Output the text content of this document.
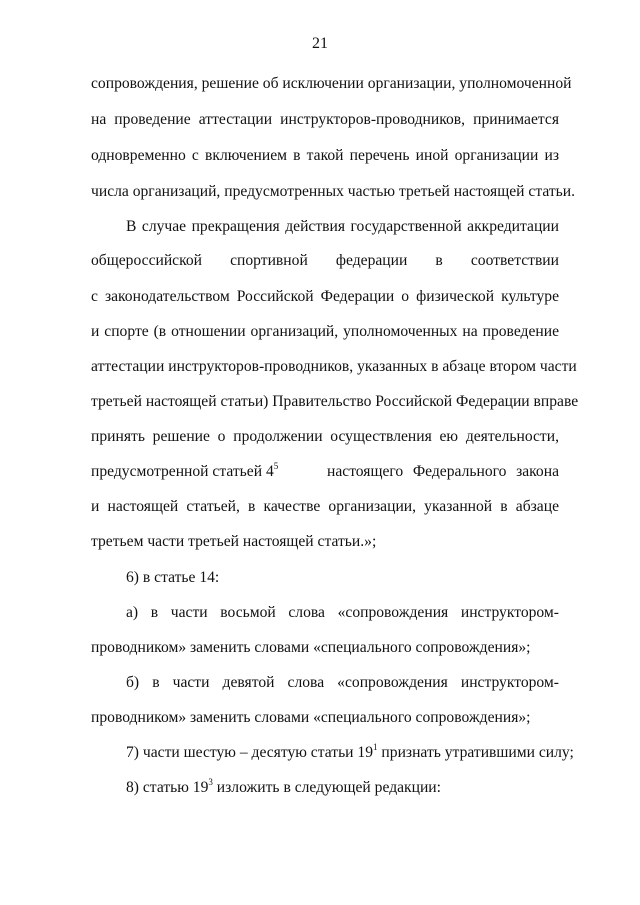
21
сопровождения, решение об исключении организации, уполномоченной
на проведение аттестации инструкторов-проводников, принимается
одновременно с включением в такой перечень иной организации из
числа организаций, предусмотренных частью третьей настоящей статьи.
В случае прекращения действия государственной аккредитации
общероссийской спортивной федерации в соответствии
с законодательством Российской Федерации о физической культуре
и спорте (в отношении организаций, уполномоченных на проведение
аттестации инструкторов-проводников, указанных в абзаце втором части
третьей настоящей статьи) Правительство Российской Федерации вправе
принять решение о продолжении осуществления ею деятельности,
предусмотренной статьей $4^5$	настоящего Федерального закона
и настоящей статьей, в качестве организации, указанной в абзаце
третьем части третьей настоящей статьи.»;
6) в статье 14:
а) в части восьмой слова «сопровождения инструктором-
проводником» заменить словами «специального сопровождения»;
б) в части девятой слова «сопровождения инструктором-
проводником» заменить словами «специального сопровождения»;
7) части шестую – десятую статьи $19^1$ признать утратившими силу;
8) статью $19^3$ изложить в следующей редакции:
